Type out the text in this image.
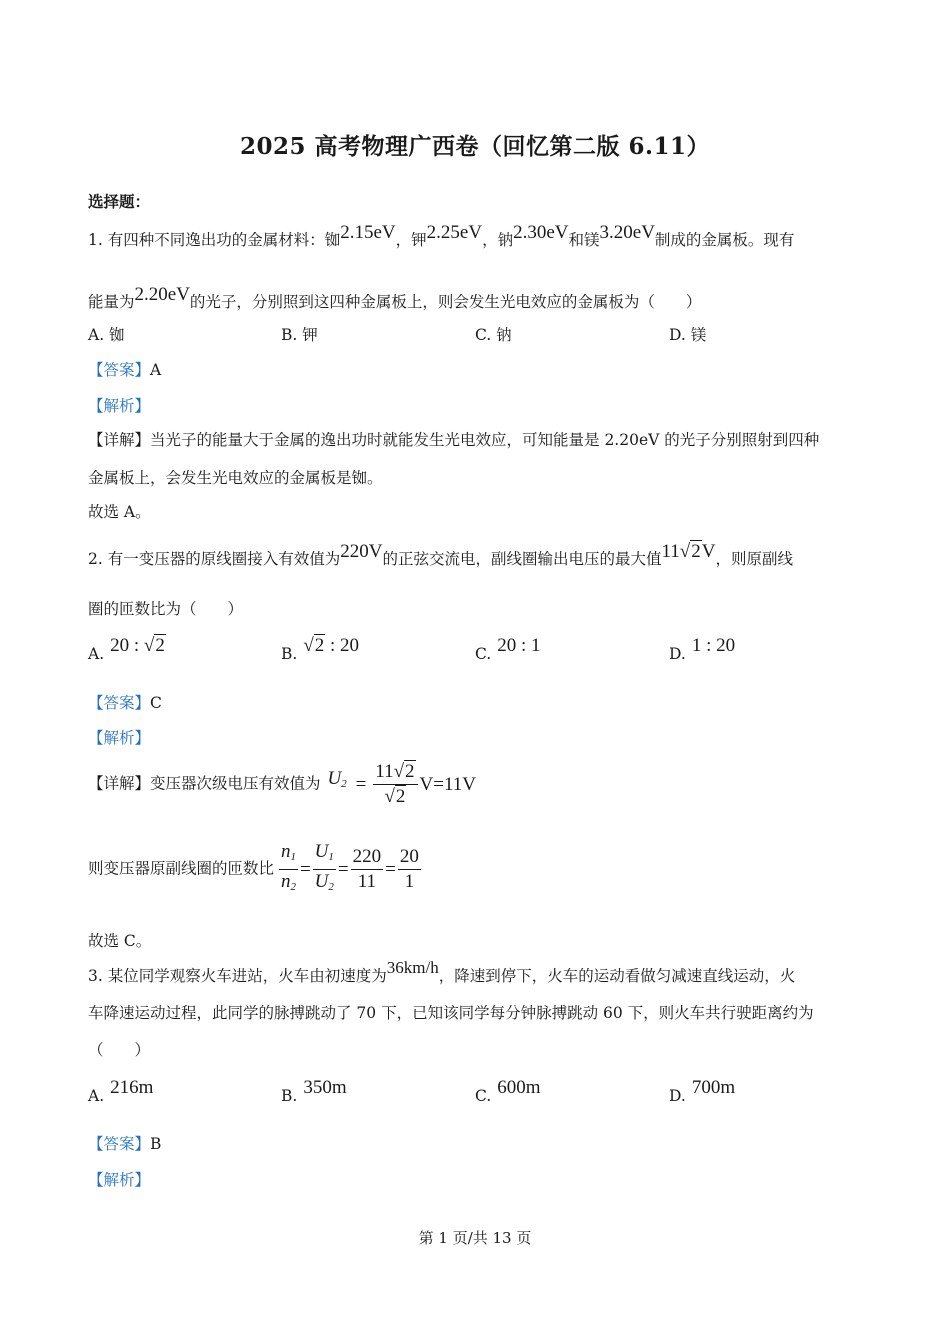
2025 高考物理广西卷（回忆第二版 6.11）
选择题：
1. 有四种不同逸出功的金属材料：铷2.15eV，钾2.25eV，钠2.30eV和镁3.20eV制成的金属板。现有
能量为2.20eV的光子，分别照到这四种金属板上，则会发生光电效应的金属板为（　　）
A. 铷	B. 钾	C. 钠	D. 镁
【答案】A
【解析】
【详解】当光子的能量大于金属的逸出功时就能发生光电效应，可知能量是 2.20eV 的光子分别照射到四种
金属板上，会发生光电效应的金属板是铷。
故选 A。
2. 有一变压器的原线圈接入有效值为220V的正弦交流电，副线圈输出电压的最大值11√2V，则原副线
圈的匝数比为（　　）
A. 20 : √2	B. √2 : 20	C. 20 : 1	D. 1 : 20
【答案】C
【解析】
【详解】变压器次级电压有效值为 $U_2 = \frac{11√2}{√2} V=11V$
则变压器原副线圈的匝数比 $\frac{n_1}{n_2} = \frac{U_1}{U_2} = \frac{220}{11} = \frac{20}{1}$
故选 C。
3. 某位同学观察火车进站，火车由初速度为36km/h，降速到停下，火车的运动看做匀减速直线运动，火
车降速运动过程，此同学的脉搏跳动了 70 下，已知该同学每分钟脉搏跳动 60 下，则火车共行驶距离约为
（　　）
A. 216m	B. 350m	C. 600m	D. 700m
【答案】B
【解析】
第 1 页/共 13 页
